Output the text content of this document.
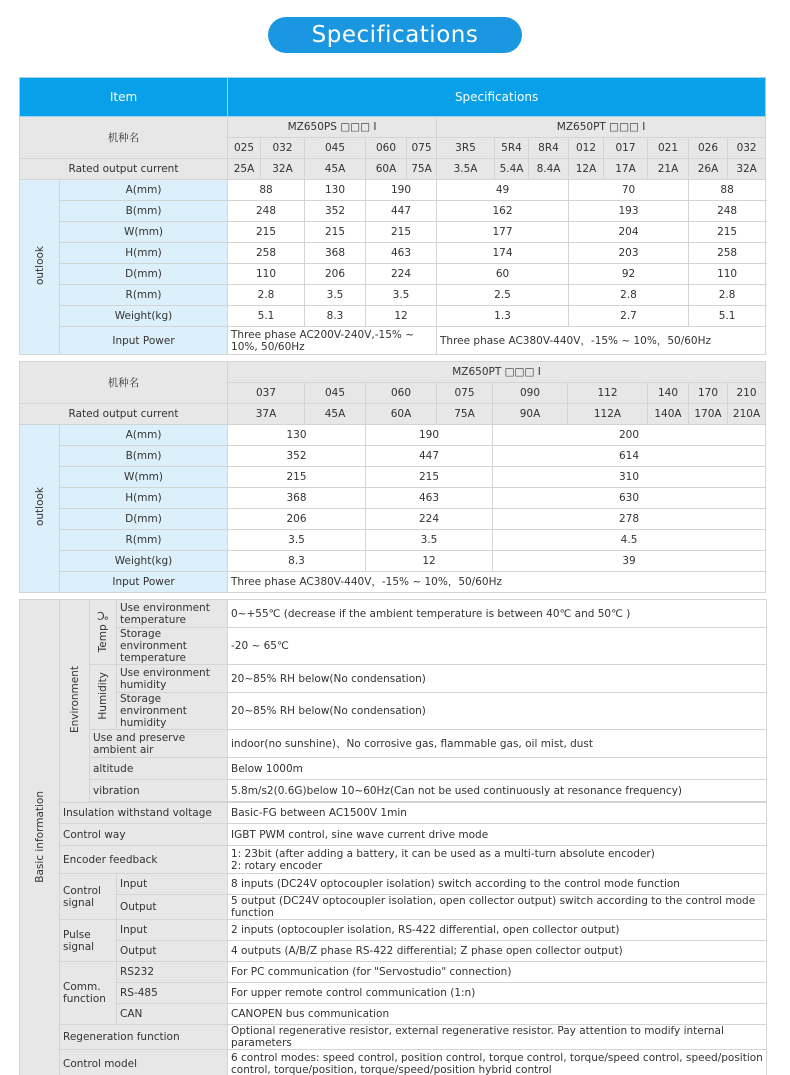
Specifications
Item		Specifications												
机种名		MZ650PS □□□ I					MZ650PT □□□ I							
		025	032	045	060	075	3R5	5R4	8R4	012	017	021	026	032
Rated output current		25A	32A	45A	60A	75A	3.5A	5.4A	8.4A	12A	17A	21A	26A	32A
outlook	A(mm)	88		130	190		49			70			88	
	B(mm)	248		352	447		162			193			248	
	W(mm)	215		215	215		177			204			215	
	H(mm)	258		368	463		174			203			258	
	D(mm)	110		206	224		60			92			110	
	R(mm)	2.8		3.5	3.5		2.5			2.8			2.8	
	Weight(kg)	5.1		8.3	12		1.3			2.7			5.1	
	Input Power	Three phase AC200V-240V,-15% ~ 10%, 50/60Hz					Three phase AC380V-440V，-15% ~ 10%，50/60Hz							
机种名		MZ650PT □□□ I								
		037	045	060	075	090	112	140	170	210
Rated output current		37A	45A	60A	75A	90A	112A	140A	170A	210A
outlook	A(mm)	130		190		200				
	B(mm)	352		447		614				
	W(mm)	215		215		310				
	H(mm)	368		463		630				
	D(mm)	206		224		278				
	R(mm)	3.5		3.5		4.5				
	Weight(kg)	8.3		12		39				
	Input Power	Three phase AC380V-440V，-15% ~ 10%，50/60Hz								
Basic information	Environment	Temp ℃	Use environment temperature	0~+55℃ (decrease if the ambient temperature is between 40℃ and 50℃ )
			Storage environment temperature	-20 ~ 65℃
		Humidity	Use environment humidity	20~85% RH below(No condensation)
			Storage environment humidity	20~85% RH below(No condensation)
		Use and preserve ambient air		indoor(no sunshine)、No corrosive gas, flammable gas, oil mist, dust
		altitude		Below 1000m
		vibration		5.8m/s2(0.6G)below 10~60Hz(Can not be used continuously at resonance frequency)

	Insulation withstand voltage			Basic-FG between AC1500V 1min
	Control way			IGBT PWM control, sine wave current drive mode
	Encoder feedback			1: 23bit (after adding a battery, it can be used as a multi-turn absolute encoder)
2: rotary encoder

	Control signal		Input	8 inputs (DC24V optocoupler isolation) switch according to the control mode function
			Output	5 output (DC24V optocoupler isolation, open collector output) switch according to the control mode function
	Pulse signal		Input	2 inputs (optocoupler isolation, RS-422 differential, open collector output)
			Output	4 outputs (A/B/Z phase RS-422 differential; Z phase open collector output)
	Comm. function		RS232	For PC communication (for "Servostudio" connection)
			RS-485	For upper remote control communication (1:n)
			CAN	CANOPEN bus communication
	Regeneration function			Optional regenerative resistor, external regenerative resistor. Pay attention to modify internal parameters
	Control model			6 control modes: speed control, position control, torque control, torque/speed control, speed/position control, torque/position, torque/speed/position hybrid control
